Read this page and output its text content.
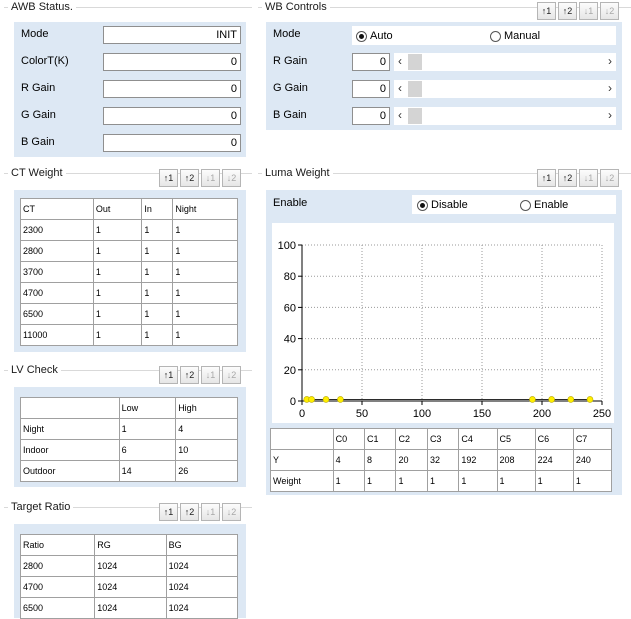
AWB Status.
Mode	INIT
ColorT(K)	0
R Gain	0
G Gain	0
B Gain	0
WB Controls	↑1	↑2	↓1	↓2
Mode	Auto	Manual
R Gain	0	‹	›
G Gain	0	‹	›
B Gain	0	‹	›
CT Weight	↑1	↑2	↓1	↓2
CT	Out	In	Night
2300	1	1	1
2800	1	1	1
3700	1	1	1
4700	1	1	1
6500	1	1	1
11000	1	1	1
LV Check	↑1	↑2	↓1	↓2
	Low	High
Night	1	4
Indoor	6	10
Outdoor	14	26
Target Ratio	↑1	↑2	↓1	↓2
Ratio	RG	BG
2800	1024	1024
4700	1024	1024
6500	1024	1024
Luma Weight	↑1	↑2	↓1	↓2
Enable	Disable	Enable
0
20
40
60
80
100
0	50	100	150	200	250
	C0	C1	C2	C3	C4	C5	C6	C7
Y	4	8	20	32	192	208	224	240
Weight	1	1	1	1	1	1	1	1
